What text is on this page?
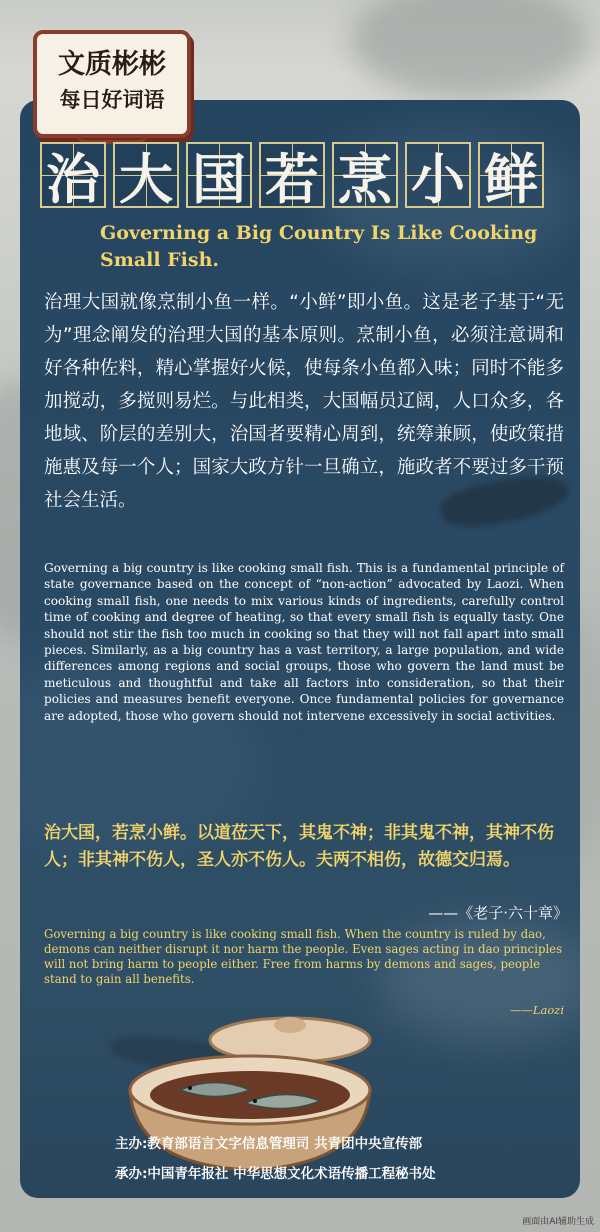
文质彬彬
每日好词语
治 大 国 若 烹 小 鲜
Governing a Big Country Is Like Cooking Small Fish.
治理大国就像烹制小鱼一样。“小鲜”即小鱼。这是老子基于“无为”理念阐发的治理大国的基本原则。烹制小鱼，必须注意调和好各种佐料，精心掌握好火候，使每条小鱼都入味；同时不能多加搅动，多搅则易烂。与此相类，大国幅员辽阔，人口众多，各地域、阶层的差别大，治国者要精心周到，统筹兼顾，使政策措施惠及每一个人；国家大政方针一旦确立，施政者不要过多干预社会生活。
Governing a big country is like cooking small fish. This is a fundamental principle of state governance based on the concept of “non-action” advocated by Laozi. When cooking small fish, one needs to mix various kinds of ingredients, carefully control time of cooking and degree of heating, so that every small fish is equally tasty. One should not stir the fish too much in cooking so that they will not fall apart into small pieces. Similarly, as a big country has a vast territory, a large population, and wide differences among regions and social groups, those who govern the land must be meticulous and thoughtful and take all factors into consideration, so that their policies and measures benefit everyone. Once fundamental policies for governance are adopted, those who govern should not intervene excessively in social activities.
治大国，若烹小鲜。以道莅天下，其鬼不神；非其鬼不神，其神不伤人；非其神不伤人，圣人亦不伤人。夫两不相伤，故德交归焉。
——《老子·六十章》
Governing a big country is like cooking small fish. When the country is ruled by dao, demons can neither disrupt it nor harm the people. Even sages acting in dao principles will not bring harm to people either. Free from harms by demons and sages, people stand to gain all benefits.
——Laozi
主办:教育部语言文字信息管理司 共青团中央宣传部
承办:中国青年报社 中华思想文化术语传播工程秘书处
画面由AI辅助生成
